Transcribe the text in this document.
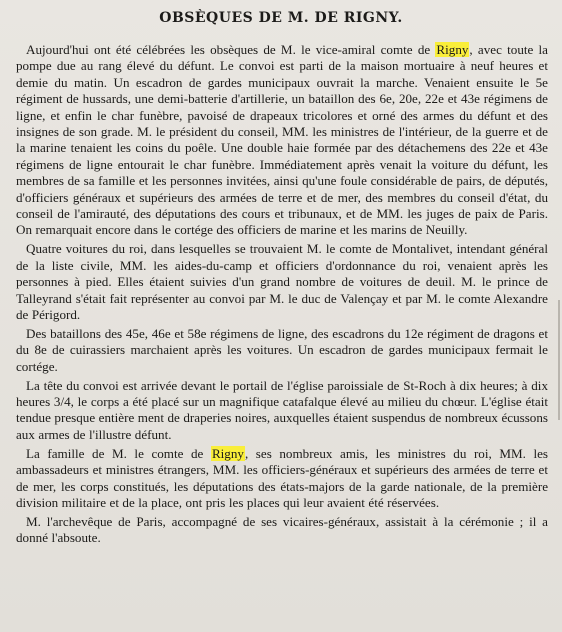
OBSÈQUES DE M. DE RIGNY.

Aujourd'hui ont été célébrées les obsèques de M. le vice-amiral comte de Rigny, avec toute la pompe due au rang élevé du défunt. Le convoi est parti de la maison mortuaire à neuf heures et demie du matin. Un escadron de gardes municipaux ouvrait la marche. Venaient ensuite le 5e régiment de hussards, une demi-batterie d'artillerie, un bataillon des 6e, 20e, 22e et 43e régimens de ligne, et enfin le char funèbre, pavoisé de drapeaux tricolores et orné des armes du défunt et des insignes de son grade. M. le président du conseil, MM. les ministres de l'intérieur, de la guerre et de la marine tenaient les coins du poêle. Une double haie formée par des détachemens des 22e et 43e régimens de ligne entourait le char funèbre. Immédiatement après venait la voiture du défunt, les membres de sa famille et les personnes invitées, ainsi qu'une foule considérable de pairs, de députés, d'officiers généraux et supérieurs des armées de terre et de mer, des membres du conseil d'état, du conseil de l'amirauté, des députations des cours et tribunaux, et de MM. les juges de paix de Paris. On remarquait encore dans le cortége des officiers de marine et les marins de Neuilly.

Quatre voitures du roi, dans lesquelles se trouvaient M. le comte de Montalivet, intendant général de la liste civile, MM. les aides-du-camp et officiers d'ordonnance du roi, venaient après les personnes à pied. Elles étaient suivies d'un grand nombre de voitures de deuil. M. le prince de Talleyrand s'était fait représenter au convoi par M. le duc de Valençay et par M. le comte Alexandre de Périgord.

Des bataillons des 45e, 46e et 58e régimens de ligne, des escadrons du 12e régiment de dragons et du 8e de cuirassiers marchaient après les voitures. Un escadron de gardes municipaux fermait le cortége.

La tête du convoi est arrivée devant le portail de l'église paroissiale de St-Roch à dix heures; à dix heures 3/4, le corps a été placé sur un magnifique catafalque élevé au milieu du chœur. L'église était tendue presque entière ment de draperies noires, auxquelles étaient suspendus de nombreux écussons aux armes de l'illustre défunt.

La famille de M. le comte de Rigny, ses nombreux amis, les ministres du roi, MM. les ambassadeurs et ministres étrangers, MM. les officiers-généraux et supérieurs des armées de terre et de mer, les corps constitués, les députations des états-majors de la garde nationale, de la première division militaire et de la place, ont pris les places qui leur avaient été réservées.

M. l'archevêque de Paris, accompagné de ses vicaires-généraux, assistait à la cérémonie ; il a donné l'absoute.
